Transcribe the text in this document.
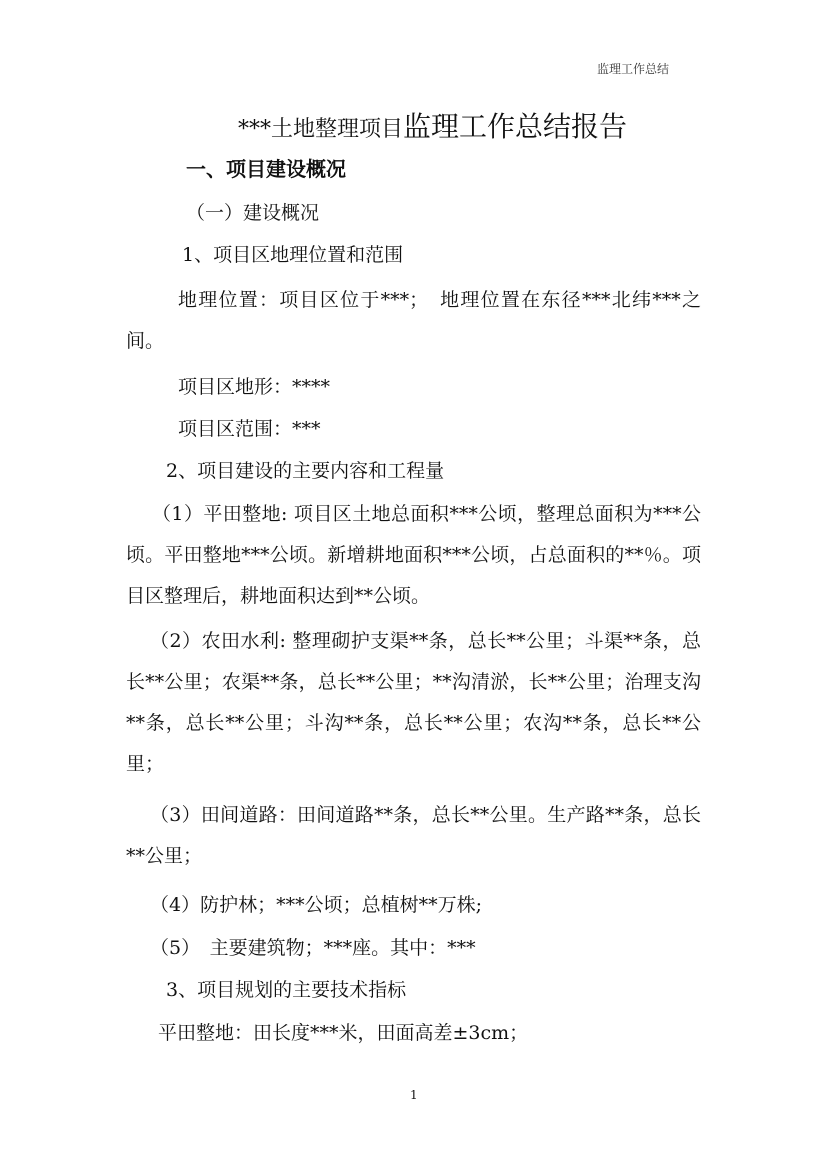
监理工作总结
***土地整理项目监理工作总结报告
一、项目建设概况
（一）建设概况
1、项目区地理位置和范围
地理位置：项目区位于***；　地理位置在东径***北纬***之间。
项目区地形：****
项目区范围：***
2、项目建设的主要内容和工程量
（1）平田整地: 项目区土地总面积***公顷，整理总面积为***公顷。平田整地***公顷。新增耕地面积***公顷，占总面积的**％。项目区整理后，耕地面积达到**公顷。
（2）农田水利: 整理砌护支渠**条，总长**公里；斗渠**条，总长**公里；农渠**条，总长**公里；**沟清淤，长**公里；治理支沟**条，总长**公里；斗沟**条，总长**公里；农沟**条，总长**公里；
（3）田间道路：田间道路**条，总长**公里。生产路**条，总长**公里；
（4）防护林；***公顷；总植树**万株;
（5）　主要建筑物；***座。其中：***
3、项目规划的主要技术指标
平田整地：田长度***米，田面高差±3cm；
1
